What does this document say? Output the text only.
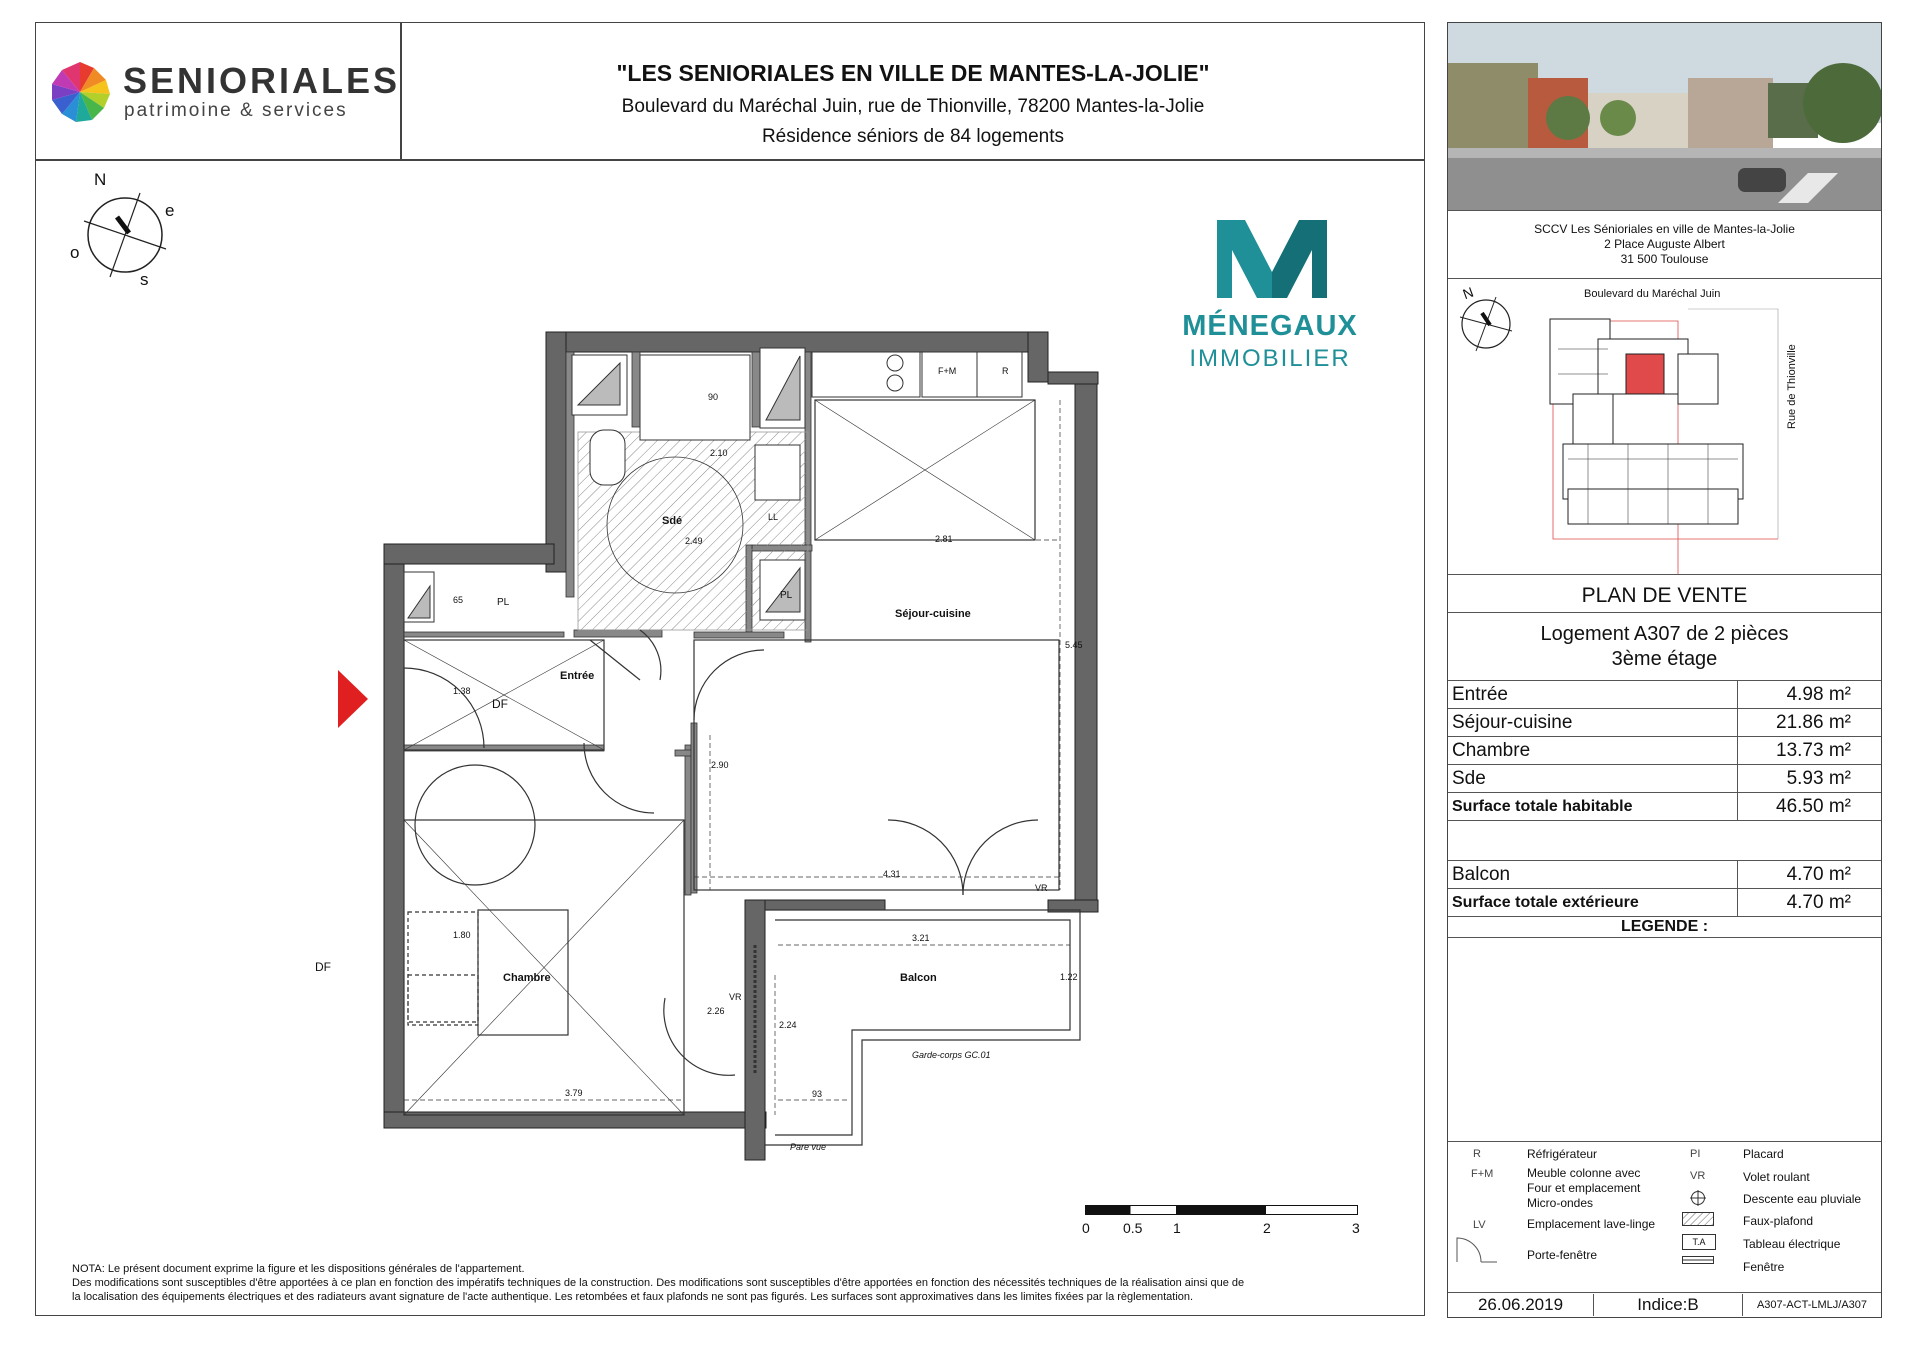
SENIORIALES
patrimoine & services
"LES SENIORIALES EN VILLE DE MANTES-LA-JOLIE"
Boulevard du Maréchal Juin, rue de Thionville, 78200 Mantes-la-Jolie
Résidence séniors de 84 logements
N
e
s
o
MÉNEGAUX
IMMOBILIER
Sdé
Séjour-cuisine
Entrée
Chambre	Balcon
PL
PL
DF
DF
LL
F+M	R
VR
VR
Garde-corps GC.01
Pare vue
2.81
2.49
4.31
3.21
3.79	93
5.45
2.90
2.24
2.26
1.22
90
2.10
65
1.38
1.80
0 0.5 1	2	3
NOTA: Le présent document exprime la figure et les dispositions générales de l'appartement.
Des modifications sont susceptibles d'être apportées à ce plan en fonction des impératifs techniques de la construction. Des modifications sont susceptibles d'être apportées en fonction des nécessités techniques de la réalisation ainsi que de
la localisation des équipements électriques et des radiateurs avant signature de l'acte authentique. Les retombées et faux plafonds ne sont pas figurés. Les surfaces sont approximatives dans les limites fixées par la règlementation.
SCCV Les Sénioriales en ville de Mantes-la-Jolie
2 Place Auguste Albert
31 500 Toulouse
N	Boulevard du Maréchal Juin
Rue de Thionville
PLAN DE VENTE
Logement A307 de 2 pièces
3ème étage
Entrée	4.98 m²
Séjour-cuisine	21.86 m²
Chambre	13.73 m²
Sde	5.93 m²
Surface totale habitable	46.50 m²
Balcon	4.70 m²
Surface totale extérieure	4.70 m²
LEGENDE :
R	Réfrigérateur
F+M	Meuble colonne avec
Four et emplacement
Micro-ondes
LV	Emplacement lave-linge
Porte-fenêtre
PI	Placard
VR	Volet roulant
Descente eau pluviale
Faux-plafond
T.A	Tableau électrique
Fenêtre
26.06.2019	Indice:B	A307-ACT-LMLJ/A307
